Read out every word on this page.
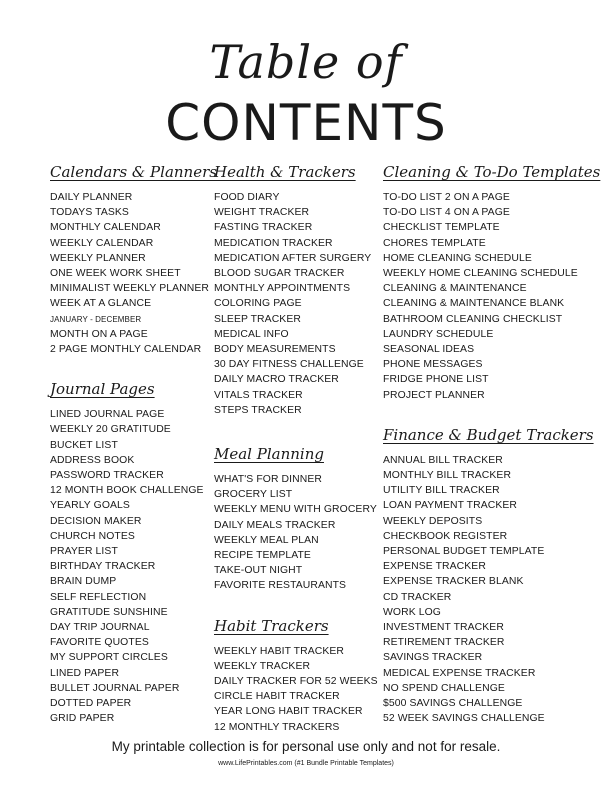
Table of
CONTENTS
Calendars & Planners
DAILY PLANNER
TODAYS TASKS
MONTHLY CALENDAR
WEEKLY CALENDAR
WEEKLY PLANNER
ONE WEEK WORK SHEET
MINIMALIST WEEKLY PLANNER
WEEK AT A GLANCE
JANUARY - DECEMBER
MONTH ON A PAGE
2 PAGE MONTHLY CALENDAR
Journal Pages
LINED JOURNAL PAGE
WEEKLY 20 GRATITUDE
BUCKET LIST
ADDRESS BOOK
PASSWORD TRACKER
12 MONTH BOOK CHALLENGE
YEARLY GOALS
DECISION MAKER
CHURCH NOTES
PRAYER LIST
BIRTHDAY TRACKER
BRAIN DUMP
SELF REFLECTION
GRATITUDE SUNSHINE
DAY TRIP JOURNAL
FAVORITE QUOTES
MY SUPPORT CIRCLES
LINED PAPER
BULLET JOURNAL PAPER
DOTTED PAPER
GRID PAPER
Health & Trackers
FOOD DIARY
WEIGHT TRACKER
FASTING TRACKER
MEDICATION TRACKER
MEDICATION AFTER SURGERY
BLOOD SUGAR TRACKER
MONTHLY APPOINTMENTS
COLORING PAGE
SLEEP TRACKER
MEDICAL INFO
BODY MEASUREMENTS
30 DAY FITNESS CHALLENGE
DAILY MACRO TRACKER
VITALS TRACKER
STEPS TRACKER
Meal Planning
WHAT'S FOR DINNER
GROCERY LIST
WEEKLY MENU WITH GROCERY
DAILY MEALS TRACKER
WEEKLY MEAL PLAN
RECIPE TEMPLATE
TAKE-OUT NIGHT
FAVORITE RESTAURANTS
Habit Trackers
WEEKLY HABIT TRACKER
WEEKLY TRACKER
DAILY TRACKER FOR 52 WEEKS
CIRCLE HABIT TRACKER
YEAR LONG HABIT TRACKER
12 MONTHLY TRACKERS
Cleaning & To-Do Templates
TO-DO LIST 2 ON A PAGE
TO-DO LIST 4 ON A PAGE
CHECKLIST TEMPLATE
CHORES TEMPLATE
HOME CLEANING SCHEDULE
WEEKLY HOME CLEANING SCHEDULE
CLEANING & MAINTENANCE
CLEANING & MAINTENANCE BLANK
BATHROOM CLEANING CHECKLIST
LAUNDRY SCHEDULE
SEASONAL IDEAS
PHONE MESSAGES
FRIDGE PHONE LIST
PROJECT PLANNER
Finance & Budget Trackers
ANNUAL BILL TRACKER
MONTHLY BILL TRACKER
UTILITY BILL TRACKER
LOAN PAYMENT TRACKER
WEEKLY DEPOSITS
CHECKBOOK REGISTER
PERSONAL BUDGET TEMPLATE
EXPENSE TRACKER
EXPENSE TRACKER BLANK
CD TRACKER
WORK LOG
INVESTMENT TRACKER
RETIREMENT TRACKER
SAVINGS TRACKER
MEDICAL EXPENSE TRACKER
NO SPEND CHALLENGE
$500 SAVINGS CHALLENGE
52 WEEK SAVINGS CHALLENGE
My printable collection is for personal use only and not for resale.
www.LifePrintables.com (#1 Bundle Printable Templates)
